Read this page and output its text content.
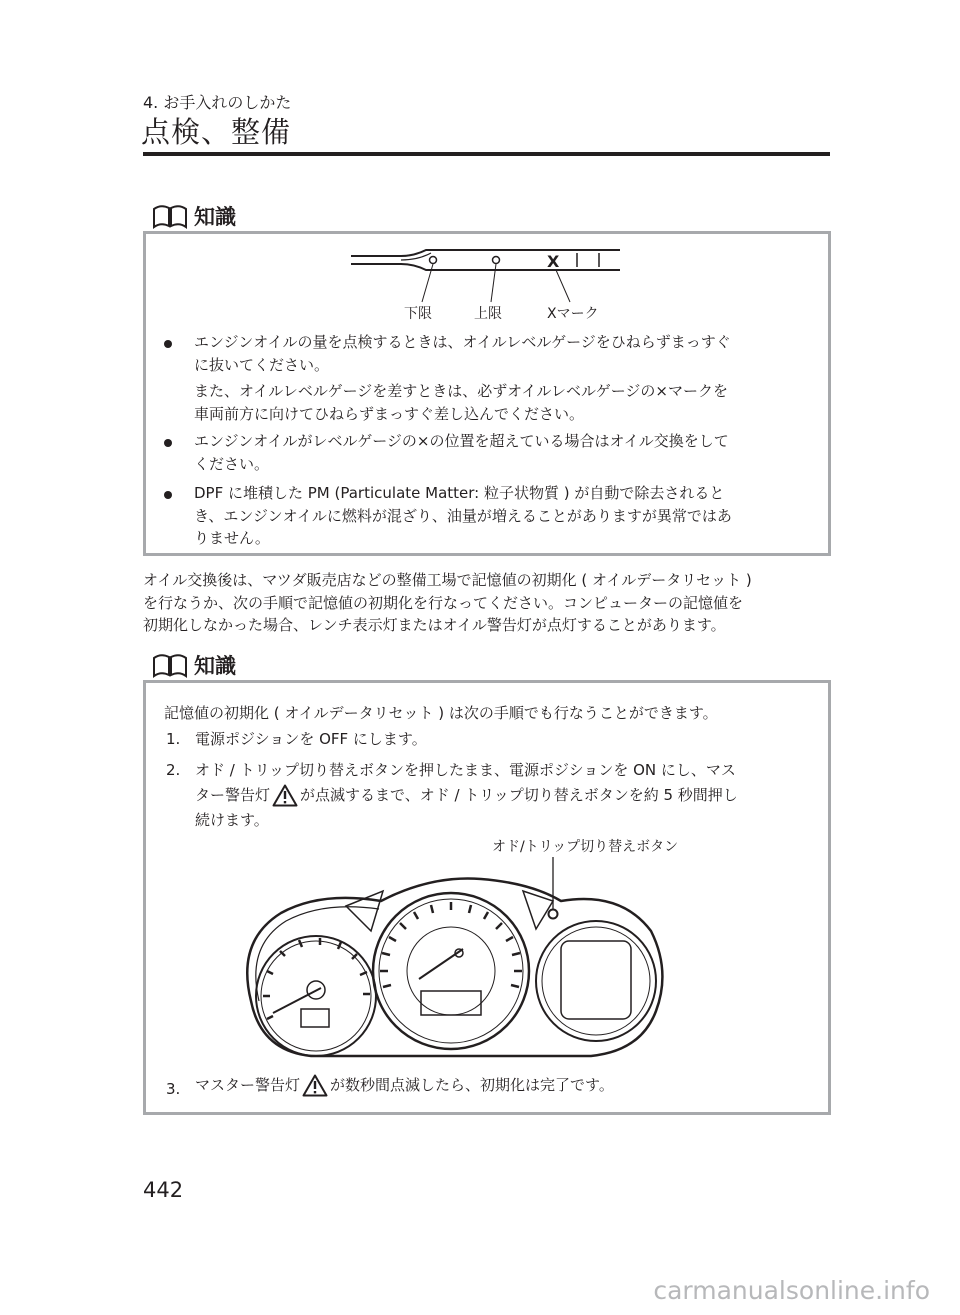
4. お手入れのしかた
点検、整備
知識
X
下限	上限	Xマーク
エンジンオイルの量を点検するときは、オイルレベルゲージをひねらずまっすぐ
に抜いてください。
また、オイルレベルゲージを差すときは、必ずオイルレベルゲージの×マークを
車両前方に向けてひねらずまっすぐ差し込んでください。
エンジンオイルがレベルゲージの×の位置を超えている場合はオイル交換をして
ください。
DPF に堆積した PM (Particulate Matter: 粒子状物質 ) が自動で除去されると
き、エンジンオイルに燃料が混ざり、油量が増えることがありますが異常ではあ
りません。
オイル交換後は、マツダ販売店などの整備工場で記憶値の初期化 ( オイルデータリセット )
を行なうか、次の手順で記憶値の初期化を行なってください。コンピューターの記憶値を
初期化しなかった場合、レンチ表示灯またはオイル警告灯が点灯することがあります。
知識
記憶値の初期化 ( オイルデータリセット ) は次の手順でも行なうことができます。
1. 電源ポジションを OFF にします。
2. オド / トリップ切り替えボタンを押したまま、電源ポジションを ON にし、マス
ター警告灯 が点滅するまで、オド / トリップ切り替えボタンを約 5 秒間押し
続けます。
オド/トリップ切り替えボタン
3. マスター警告灯 が数秒間点滅したら、初期化は完了です。
442
carmanualsonline.info
